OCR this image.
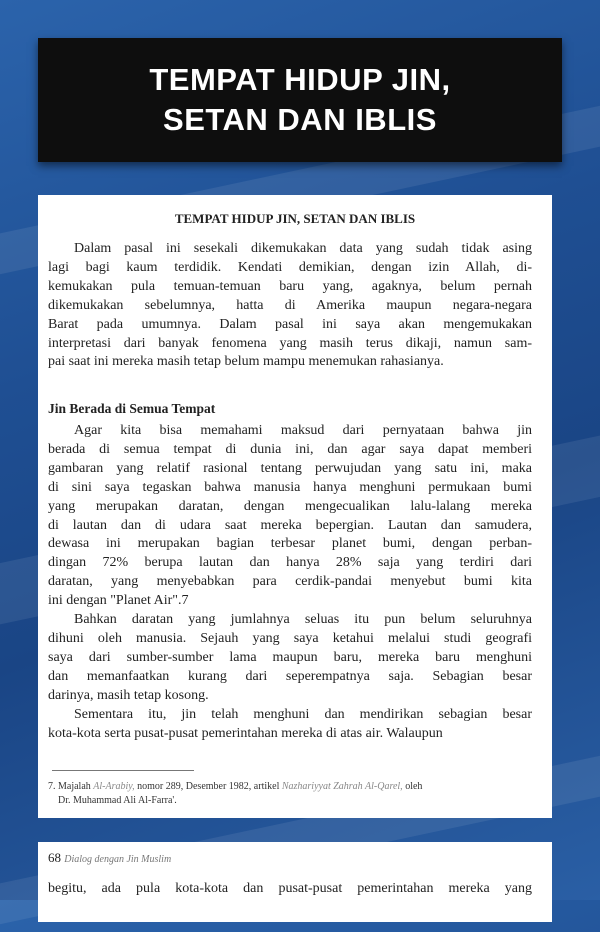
TEMPAT HIDUP JIN,
SETAN DAN IBLIS
TEMPAT HIDUP JIN, SETAN DAN IBLIS
Dalam pasal ini sesekali dikemukakan data yang sudah tidak asing
lagi bagi kaum terdidik. Kendati demikian, dengan izin Allah, di-
kemukakan pula temuan-temuan baru yang, agaknya, belum pernah
dikemukakan sebelumnya, hatta di Amerika maupun negara-negara
Barat pada umumnya. Dalam pasal ini saya akan mengemukakan
interpretasi dari banyak fenomena yang masih terus dikaji, namun sam-
pai saat ini mereka masih tetap belum mampu menemukan rahasianya.
Jin Berada di Semua Tempat
Agar kita bisa memahami maksud dari pernyataan bahwa jin
berada di semua tempat di dunia ini, dan agar saya dapat memberi
gambaran yang relatif rasional tentang perwujudan yang satu ini, maka
di sini saya tegaskan bahwa manusia hanya menghuni permukaan bumi
yang merupakan daratan, dengan mengecualikan lalu-lalang mereka
di lautan dan di udara saat mereka bepergian. Lautan dan samudera,
dewasa ini merupakan bagian terbesar planet bumi, dengan perban-
dingan 72% berupa lautan dan hanya 28% saja yang terdiri dari
daratan, yang menyebabkan para cerdik-pandai menyebut bumi kita
ini dengan "Planet Air".7
Bahkan daratan yang jumlahnya seluas itu pun belum seluruhnya
dihuni oleh manusia. Sejauh yang saya ketahui melalui studi geografi
saya dari sumber-sumber lama maupun baru, mereka baru menghuni
dan memanfaatkan kurang dari seperempatnya saja. Sebagian besar
darinya, masih tetap kosong.
Sementara itu, jin telah menghuni dan mendirikan sebagian besar
kota-kota serta pusat-pusat pemerintahan mereka di atas air. Walaupun
7. Majalah Al-Arabiy, nomor 289, Desember 1982, artikel Nazhariyyat Zahrah Al-Qarel, oleh
Dr. Muhammad Ali Al-Farra'.
68 Dialog dengan Jin Muslim
begitu, ada pula kota-kota dan pusat-pusat pemerintahan mereka yang
